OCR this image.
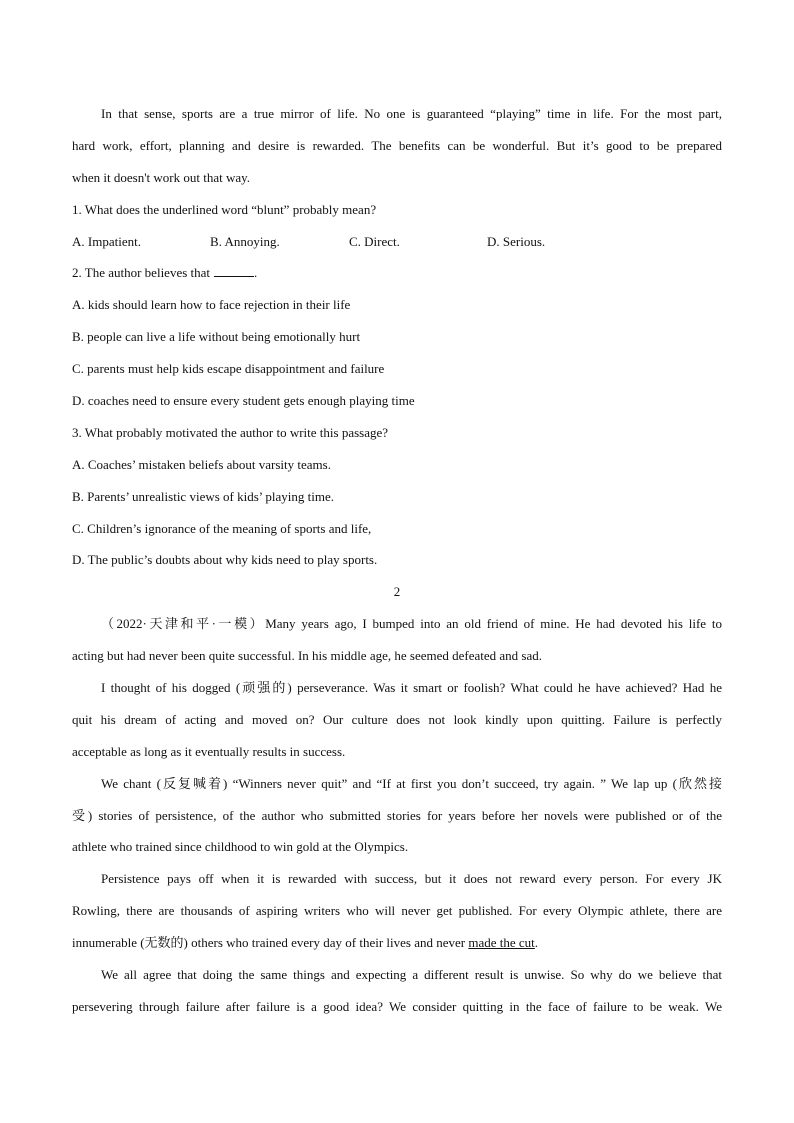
In that sense, sports are a true mirror of life. No one is guaranteed “playing” time in life. For the most part,
hard work, effort, planning and desire is rewarded. The benefits can be wonderful. But it’s good to be prepared
when it doesn't work out that way.
1. What does the underlined word “blunt” probably mean?
A. Impatient.	B. Annoying.	C. Direct.	D. Serious.
2. The author believes that	.
A. kids should learn how to face rejection in their life
B. people can live a life without being emotionally hurt
C. parents must help kids escape disappointment and failure
D. coaches need to ensure every student gets enough playing time
3. What probably motivated the author to write this passage?
A. Coaches’ mistaken beliefs about varsity teams.
B. Parents’ unrealistic views of kids’ playing time.
C. Children’s ignorance of the meaning of sports and life,
D. The public’s doubts about why kids need to play sports.
2
（2022·天津和平·一模）Many years ago, I bumped into an old friend of mine. He had devoted his life to
acting but had never been quite successful. In his middle age, he seemed defeated and sad.
I thought of his dogged (顽强的) perseverance. Was it smart or foolish? What could he have achieved? Had he
quit his dream of acting and moved on? Our culture does not look kindly upon quitting. Failure is perfectly
acceptable as long as it eventually results in success.
We chant (反复喊着) “Winners never quit” and “If at first you don’t succeed, try again. ” We lap up (欣然接
受) stories of persistence, of the author who submitted stories for years before her novels were published or of the
athlete who trained since childhood to win gold at the Olympics.
Persistence pays off when it is rewarded with success, but it does not reward every person. For every JK
Rowling, there are thousands of aspiring writers who will never get published. For every Olympic athlete, there are
innumerable (无数的) others who trained every day of their lives and never made the cut.
We all agree that doing the same things and expecting a different result is unwise. So why do we believe that
persevering through failure after failure is a good idea? We consider quitting in the face of failure to be weak. We
